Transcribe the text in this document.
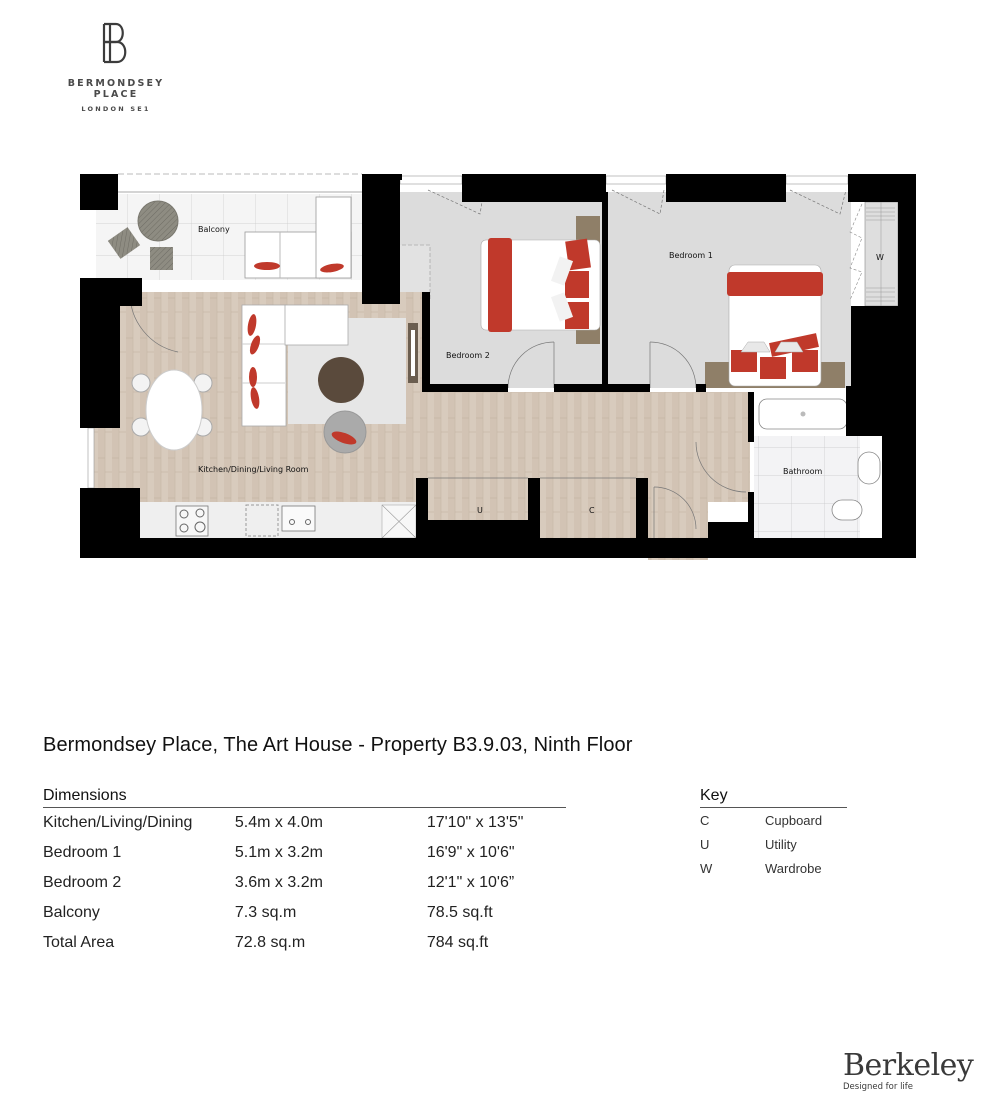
BERMONDSEY PLACE
LONDON SE1
Balcony
Bathroom
Kitchen/Dining/Living Room
Bedroom 2
Bedroom 1	W
U	C
Bermondsey Place, The Art House - Property B3.9.03, Ninth Floor
Dimensions
Kitchen/Living/Dining	5.4m x 4.0m	17'10" x 13'5"
Bedroom 1	5.1m x 3.2m	16'9" x 10'6"
Bedroom 2	3.6m x 3.2m	12'1" x 10'6”
Balcony	7.3 sq.m	78.5 sq.ft
Total Area	72.8 sq.m	784 sq.ft
Key
C	Cupboard
U	Utility
W	Wardrobe
Berkeley
Designed for life
